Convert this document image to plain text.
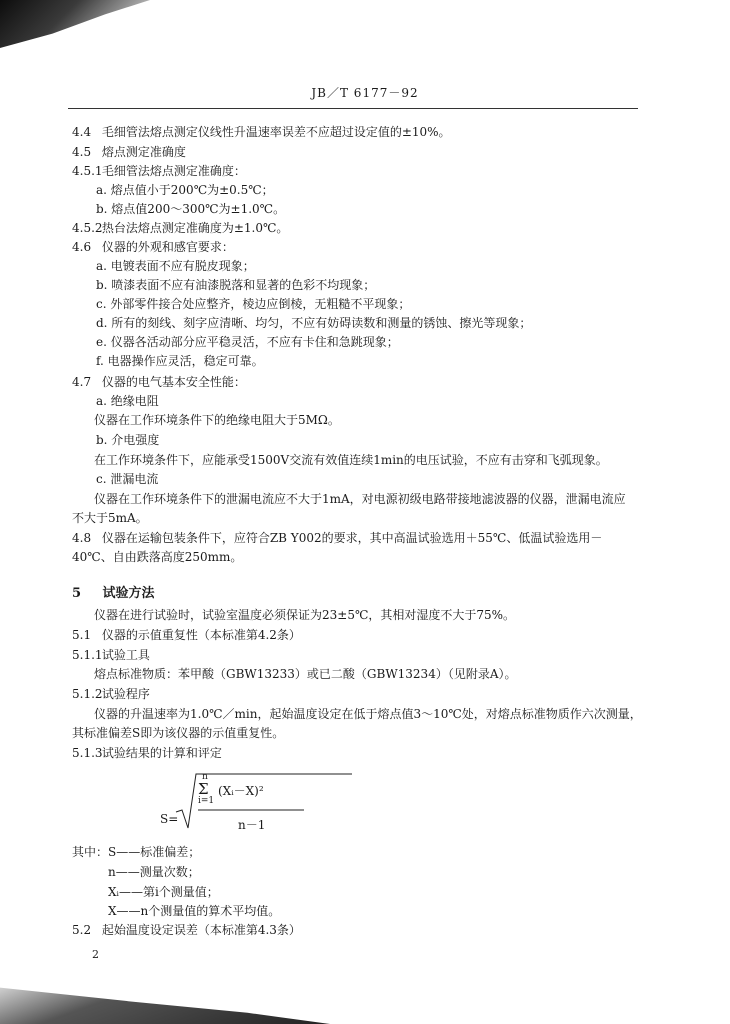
JB／T 6177－92
4.4 毛细管法熔点测定仪线性升温速率误差不应超过设定值的±10%。
4.5 熔点测定准确度
4.5.1 毛细管法熔点测定准确度：
a. 熔点值小于200℃为±0.5℃；
b. 熔点值200～300℃为±1.0℃。
4.5.2 热台法熔点测定准确度为±1.0℃。
4.6 仪器的外观和感官要求：
a. 电镀表面不应有脱皮现象；
b. 喷漆表面不应有油漆脱落和显著的色彩不均现象；
c. 外部零件接合处应整齐，棱边应倒棱，无粗糙不平现象；
d. 所有的刻线、刻字应清晰、均匀，不应有妨碍读数和测量的锈蚀、擦光等现象；
e. 仪器各活动部分应平稳灵活，不应有卡住和急跳现象；
f. 电器操作应灵活，稳定可靠。
4.7 仪器的电气基本安全性能：
a. 绝缘电阻
仪器在工作环境条件下的绝缘电阻大于5MΩ。
b. 介电强度
在工作环境条件下，应能承受1500V交流有效值连续1min的电压试验，不应有击穿和飞弧现象。
c. 泄漏电流
仪器在工作环境条件下的泄漏电流应不大于1mA，对电源初级电路带接地滤波器的仪器，泄漏电流应
不大于5mA。
4.8 仪器在运输包装条件下，应符合ZB Y002的要求，其中高温试验选用＋55℃、低温试验选用－
40℃、自由跌落高度250mm。
5 试验方法
仪器在进行试验时，试验室温度必须保证为23±5℃，其相对湿度不大于75%。
5.1 仪器的示值重复性（本标准第4.2条）
5.1.1 试验工具
熔点标准物质：苯甲酸（GBW13233）或已二酸（GBW13234）（见附录A）。
5.1.2 试验程序
仪器的升温速率为1.0℃／min，起始温度设定在低于熔点值3～10℃处，对熔点标准物质作六次测量，
其标准偏差S即为该仪器的示值重复性。
5.1.3 试验结果的计算和评定
S=
n
Σ
i=1
(Xᵢ－X)²
n－1
其中：S——标准偏差；
n——测量次数；
Xᵢ——第i个测量值；
X——n个测量值的算术平均值。
5.2 起始温度设定误差（本标准第4.3条）
2
